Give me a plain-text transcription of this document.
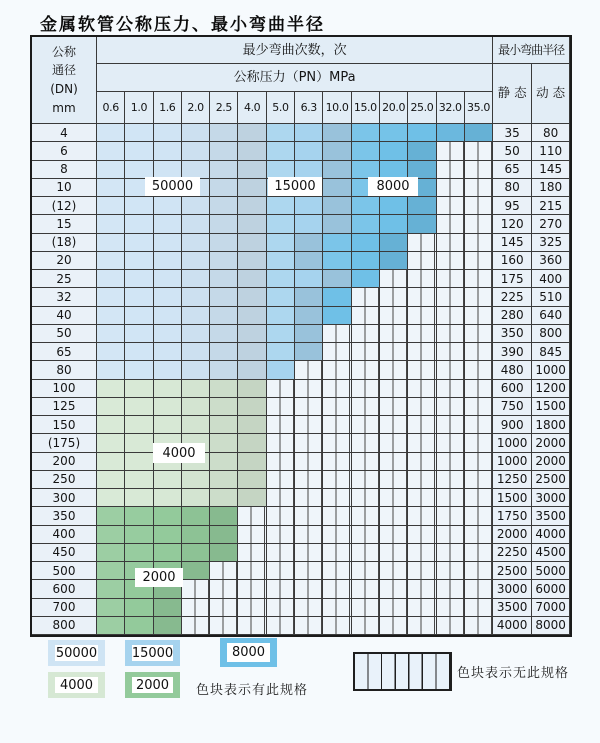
金属软管公称压力、最小弯曲半径
公称
通径
(DN)
mm
最少弯曲次数，次	最小弯曲半径
公称压力（PN）MPa
静 态 动 态
0.6	1.0	1.6	2.0	2.5	4.0	5.0	6.3 10.0 15.0 20.0 25.0 32.0 35.0
4	35	80
6	50	110
8	65	145
10	80	180
(12)	95	215
15	120	270
(18)	145	325
20	160	360
25	175	400
32	225	510
40	280	640
50	350	800
65	390	845
80	480 1000
100	600 1200
125	750 1500
150	900 1800
(175)	1000 2000
200	1000 2000
250	1250 2500
300	1500 3000
350	1750 3500
400	2000 4000
450	2250 4500
500	2500 5000
600	3000 6000
700	3500 7000
800	4000 8000
50000	15000	8000
4000
2000
50000	15000	8000
4000	2000	色块表示有此规格
色块表示无此规格
